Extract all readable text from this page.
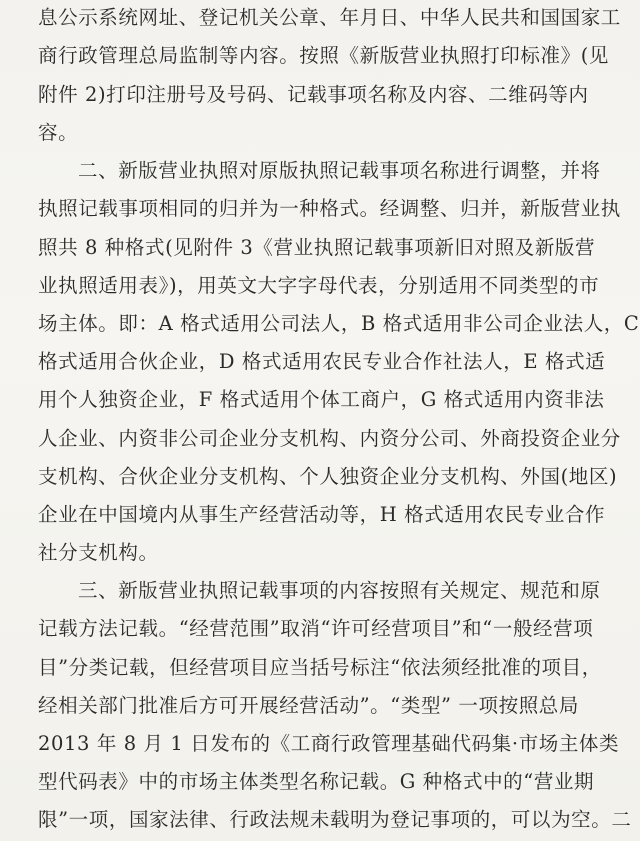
息公示系统网址、登记机关公章、年月日、中华人民共和国国家工
商行政管理总局监制等内容。按照《新版营业执照打印标准》(见
附件 2)打印注册号及号码、记载事项名称及内容、二维码等内
容。
二、新版营业执照对原版执照记载事项名称进行调整，并将
执照记载事项相同的归并为一种格式。经调整、归并，新版营业执
照共 8 种格式(见附件 3《营业执照记载事项新旧对照及新版营
业执照适用表》)，用英文大字字母代表，分别适用不同类型的市
场主体。即：A 格式适用公司法人，B 格式适用非公司企业法人，C
格式适用合伙企业，D 格式适用农民专业合作社法人，E 格式适
用个人独资企业，F 格式适用个体工商户，G 格式适用内资非法
人企业、内资非公司企业分支机构、内资分公司、外商投资企业分
支机构、合伙企业分支机构、个人独资企业分支机构、外国(地区)
企业在中国境内从事生产经营活动等，H 格式适用农民专业合作
社分支机构。
三、新版营业执照记载事项的内容按照有关规定、规范和原
记载方法记载。“经营范围”取消“许可经营项目”和“一般经营项
目”分类记载，但经营项目应当括号标注“依法须经批准的项目，
经相关部门批准后方可开展经营活动”。“类型” 一项按照总局
2013 年 8 月 1 日发布的《工商行政管理基础代码集·市场主体类
型代码表》中的市场主体类型名称记载。G 种格式中的“营业期
限”一项，国家法律、行政法规未载明为登记事项的，可以为空。二
